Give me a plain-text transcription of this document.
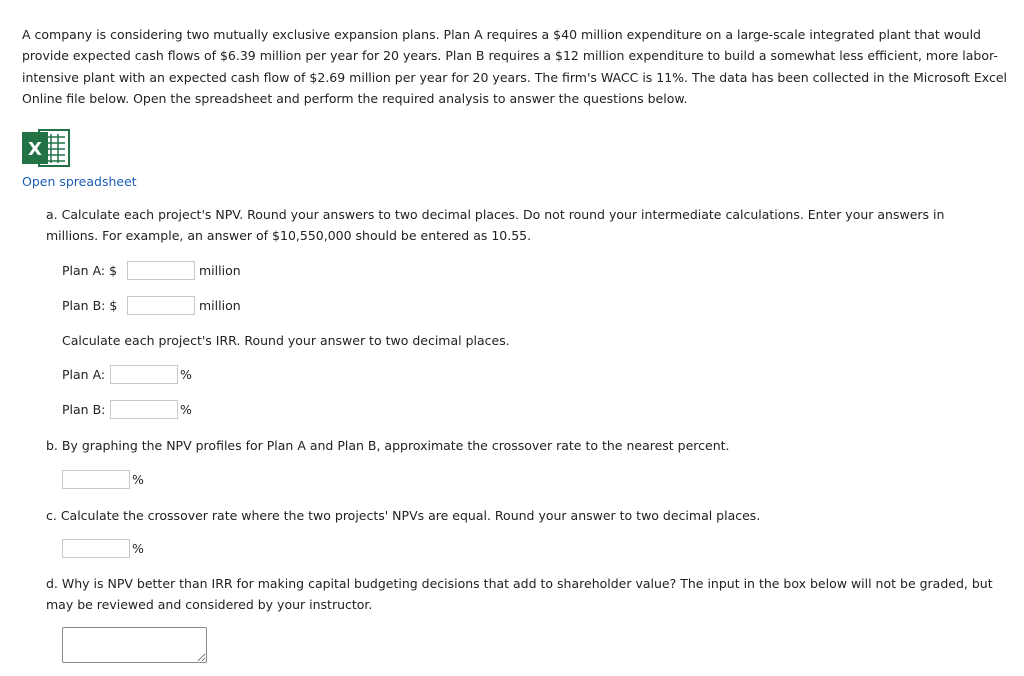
A company is considering two mutually exclusive expansion plans. Plan A requires a $40 million expenditure on a large-scale integrated plant that would provide expected cash flows of $6.39 million per year for 20 years. Plan B requires a $12 million expenditure to build a somewhat less efficient, more labor-intensive plant with an expected cash flow of $2.69 million per year for 20 years. The firm's WACC is 11%. The data has been collected in the Microsoft Excel Online file below. Open the spreadsheet and perform the required analysis to answer the questions below.

X
Open spreadsheet

a. Calculate each project's NPV. Round your answers to two decimal places. Do not round your intermediate calculations. Enter your answers in millions. For example, an answer of $10,550,000 should be entered as 10.55.

Plan A: $	million
Plan B: $	million
Calculate each project's IRR. Round your answer to two decimal places.
Plan A:	%
Plan B:	%
b. By graphing the NPV profiles for Plan A and Plan B, approximate the crossover rate to the nearest percent.
%
c. Calculate the crossover rate where the two projects' NPVs are equal. Round your answer to two decimal places.
%

d. Why is NPV better than IRR for making capital budgeting decisions that add to shareholder value? The input in the box below will not be graded, but may be reviewed and considered by your instructor.
